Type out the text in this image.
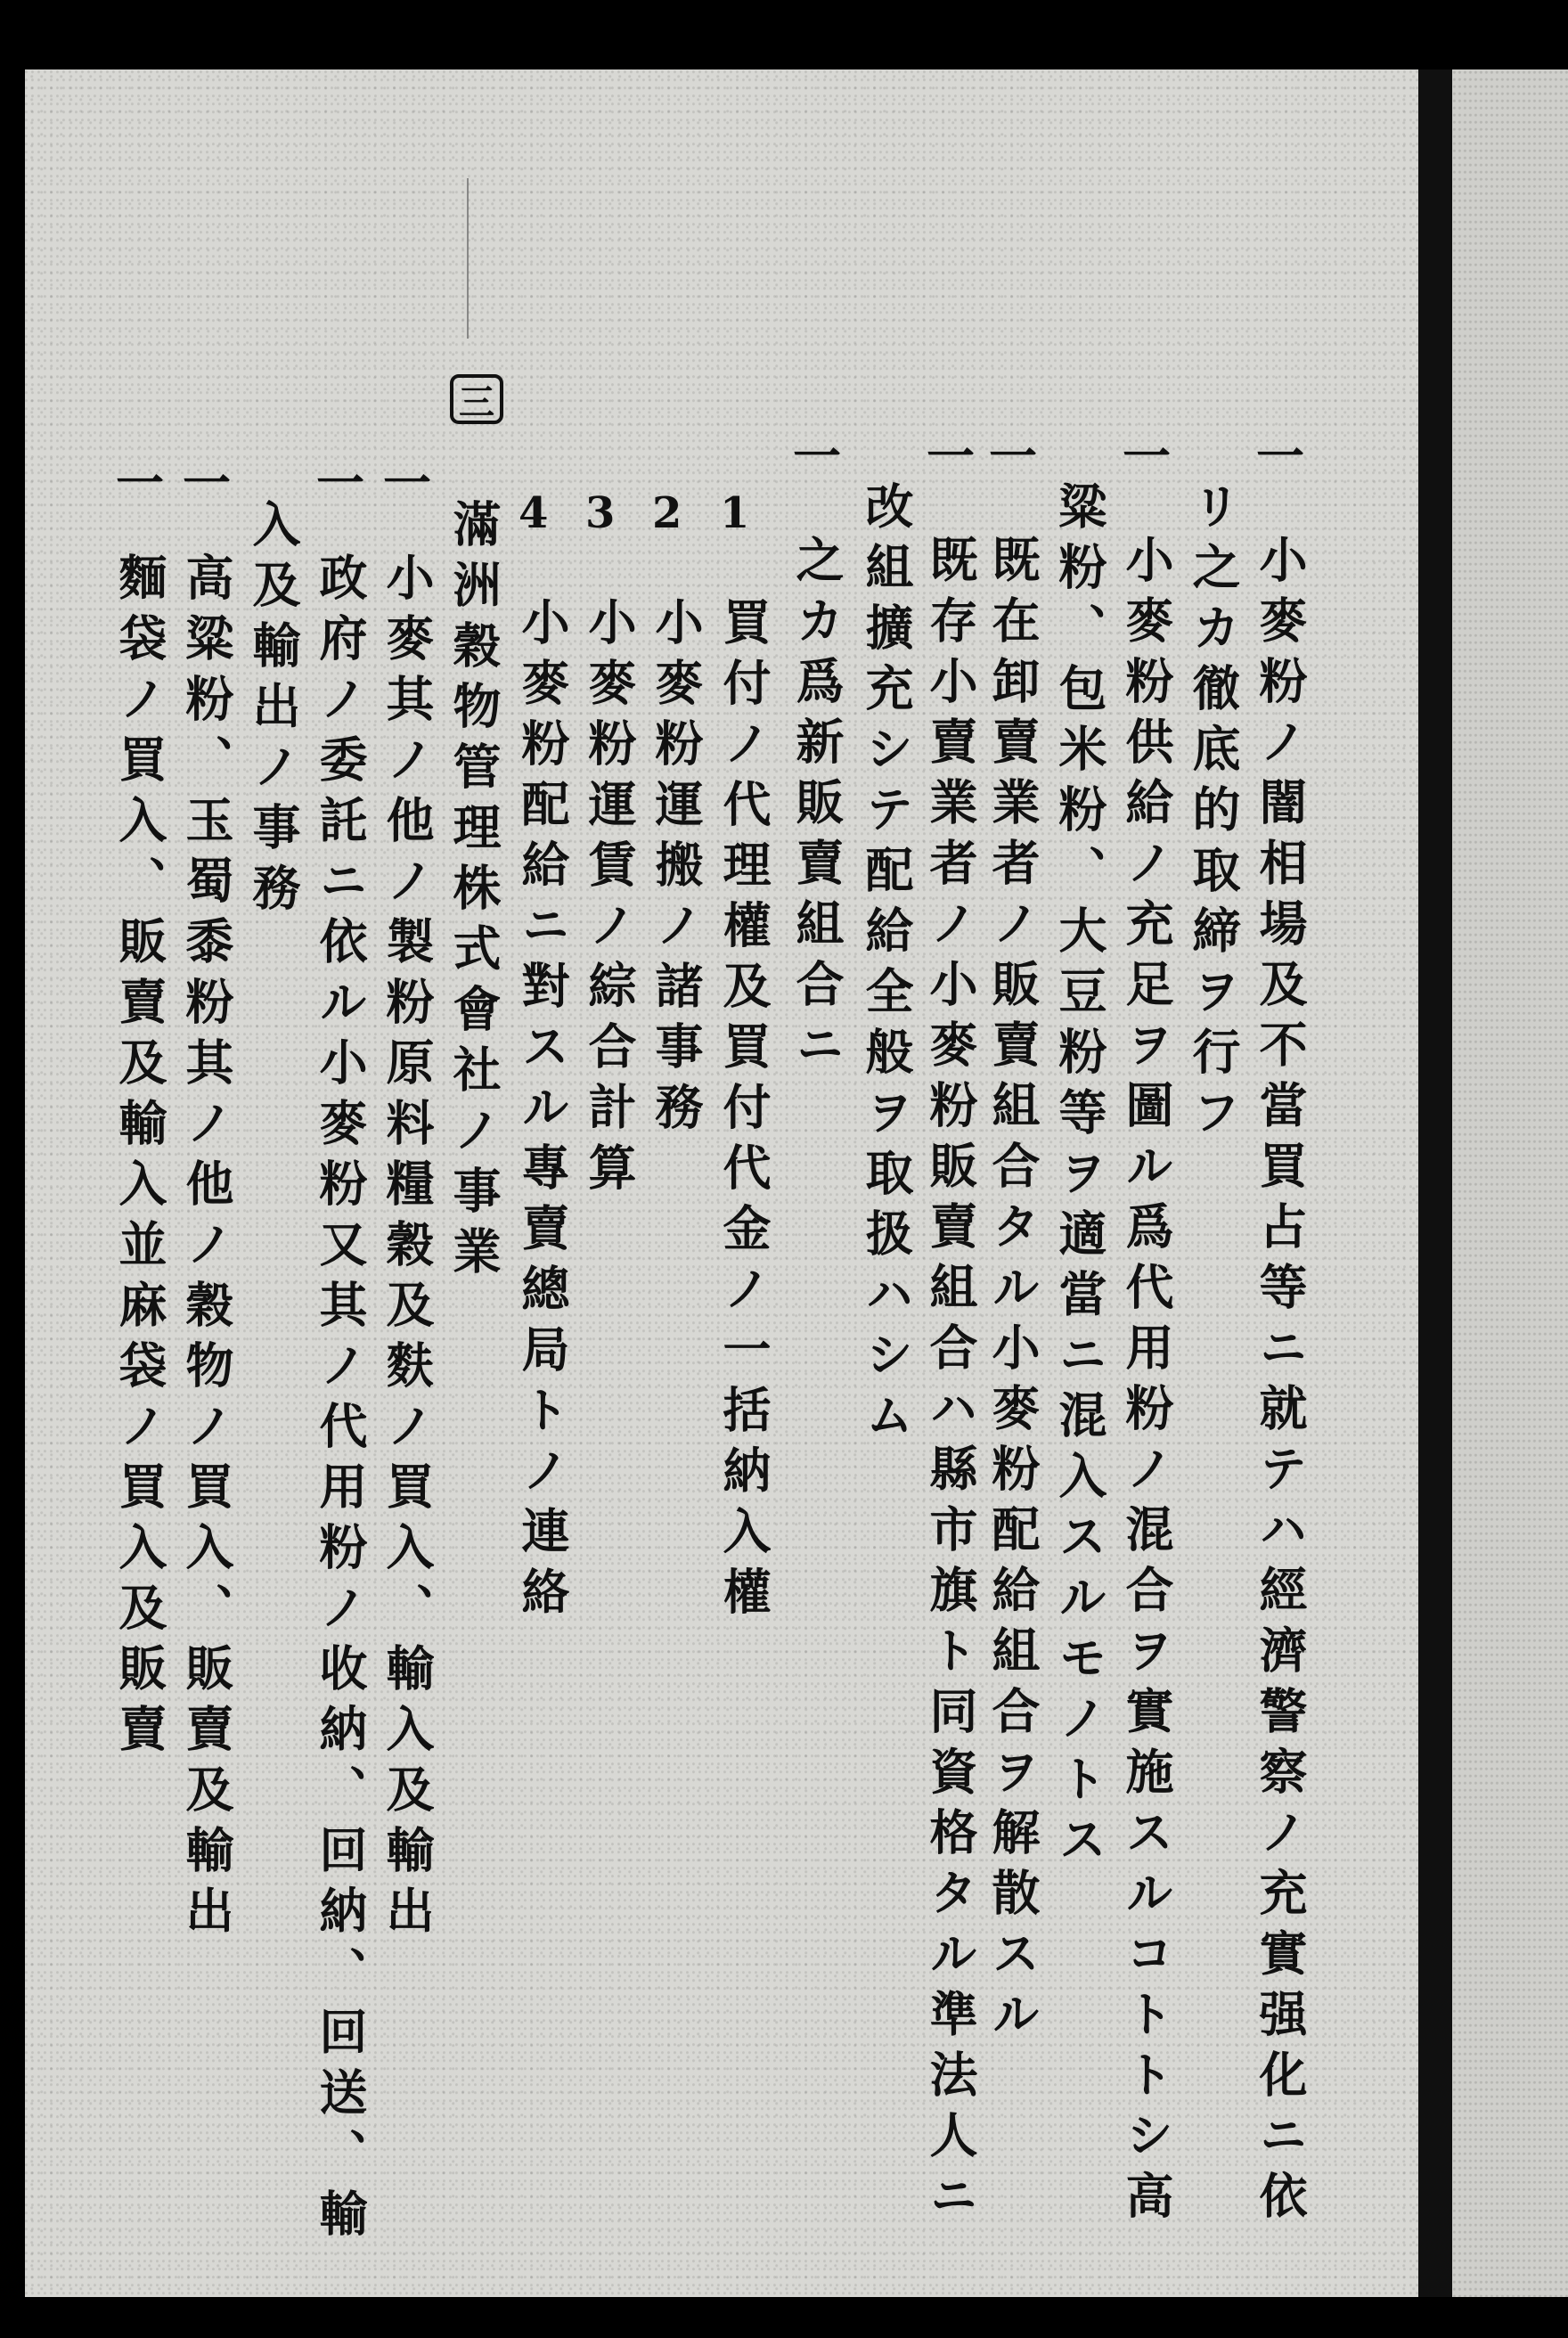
一
一
一
一
一
一
一
一
一
三
1
2
3
4
小麥粉ノ闇相場及不當買占等ニ就テハ經濟警察ノ充實强化ニ依
リ之カ徹底的取締ヲ行フ
小麥粉供給ノ充足ヲ圖ル爲代用粉ノ混合ヲ實施スルコトトシ高
粱粉、包米粉、大豆粉等ヲ適當ニ混入スルモノトス
既在卸賣業者ノ販賣組合タル小麥粉配給組合ヲ解散スル
既存小賣業者ノ小麥粉販賣組合ハ縣市旗ト同資格タル準法人ニ
改組擴充シテ配給全般ヲ取扱ハシム
之カ爲新販賣組合ニ
買付ノ代理權及買付代金ノ一括納入權
小麥粉運搬ノ諸事務
小麥粉運賃ノ綜合計算
小麥粉配給ニ對スル專賣總局トノ連絡
滿洲穀物管理株式會社ノ事業
小麥其ノ他ノ製粉原料糧穀及麩ノ買入、輸入及輸出
政府ノ委託ニ依ル小麥粉又其ノ代用粉ノ收納、回納、回送、輸
入及輸出ノ事務
高粱粉、玉蜀黍粉其ノ他ノ穀物ノ買入、販賣及輸出
麵袋ノ買入、販賣及輸入並麻袋ノ買入及販賣
